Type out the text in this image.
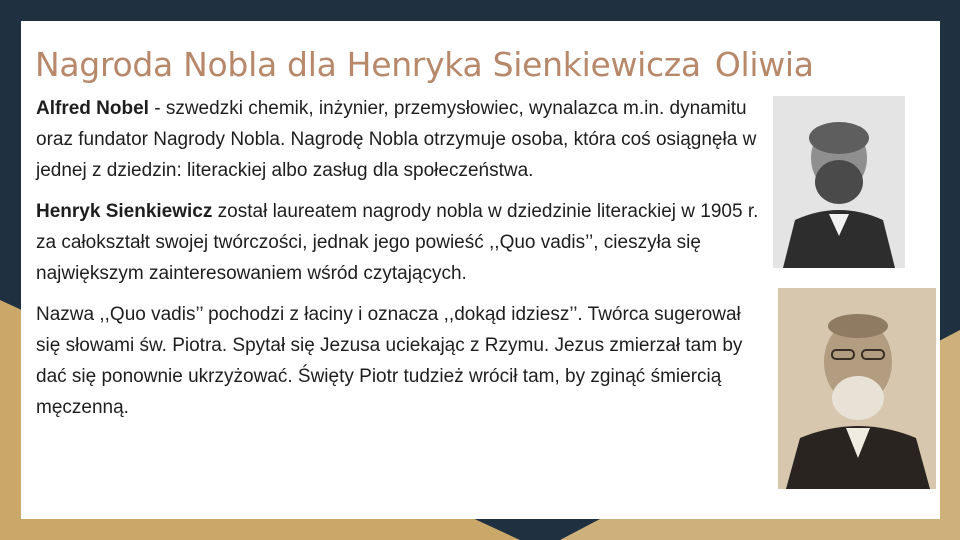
Nagroda Nobla dla Henryka Sienkiewicza Oliwia

Alfred Nobel - szwedzki chemik, inżynier, przemysłowiec, wynalazca m.in. dynamitu oraz fundator Nagrody Nobla. Nagrodę Nobla otrzymuje osoba, która coś osiągnęła w jednej z dziedzin: literackiej albo zasług dla społeczeństwa.

Henryk Sienkiewicz został laureatem nagrody nobla w dziedzinie literackiej w 1905 r. za całokształt swojej twórczości, jednak jego powieść ,,Quo vadis’’, cieszyła się największym zainteresowaniem wśród czytających.

Nazwa ,,Quo vadis’’ pochodzi z łaciny i oznacza ,,dokąd idziesz’’. Twórca sugerował się słowami św. Piotra. Spytał się Jezusa uciekając z Rzymu. Jezus zmierzał tam by dać się ponownie ukrzyżować. Święty Piotr tudzież wrócił tam, by zginąć śmiercią męczenną.
